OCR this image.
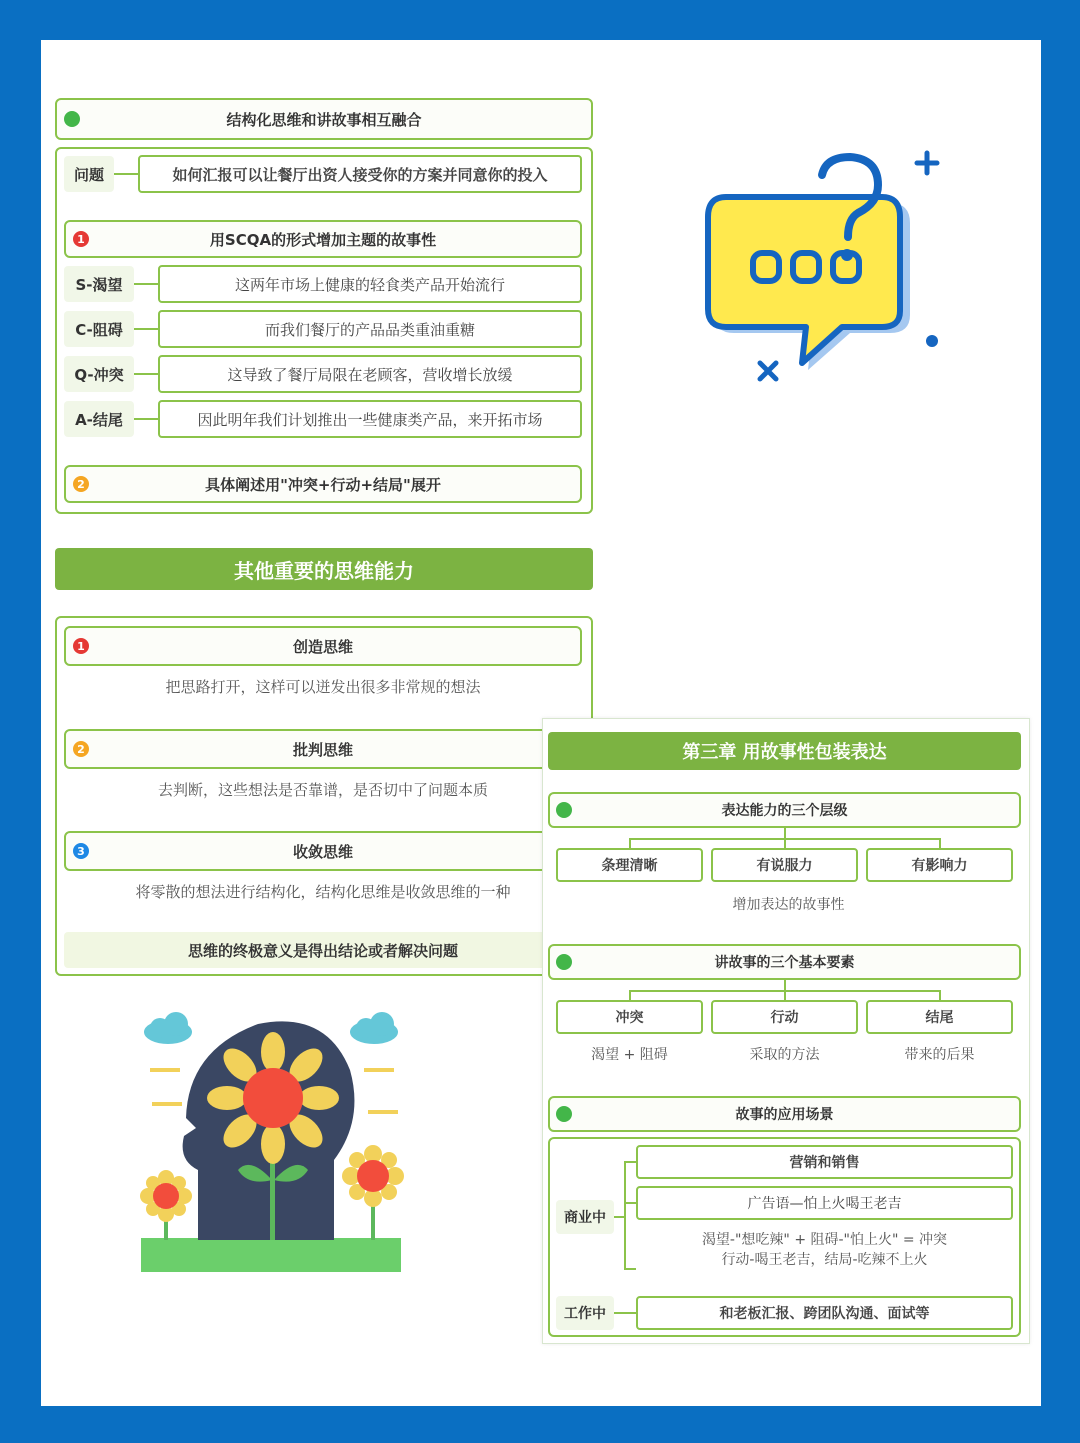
结构化思维和讲故事相互融合
问题	如何汇报可以让餐厅出资人接受你的方案并同意你的投入
用SCQA的形式增加主题的故事性
1
S-渴望	这两年市场上健康的轻食类产品开始流行
C-阻碍	而我们餐厅的产品品类重油重糖
Q-冲突	这导致了餐厅局限在老顾客，营收增长放缓
A-结尾	因此明年我们计划推出一些健康类产品，来开拓市场
具体阐述用"冲突+行动+结局"展开
2
其他重要的思维能力
创造思维
1
把思路打开，这样可以迸发出很多非常规的想法
批判思维
2
去判断，这些想法是否靠谱，是否切中了问题本质
收敛思维
3
将零散的想法进行结构化，结构化思维是收敛思维的一种
思维的终极意义是得出结论或者解决问题
第三章 用故事性包装表达
表达能力的三个层级
条理清晰	有说服力	有影响力
增加表达的故事性
讲故事的三个基本要素
冲突	行动	结尾
渴望 + 阻碍	采取的方法	带来的后果
故事的应用场景
商业中
营销和销售
广告语—怕上火喝王老吉
渴望-"想吃辣" + 阻碍-"怕上火" = 冲突
行动-喝王老吉，结局-吃辣不上火
工作中	和老板汇报、跨团队沟通、面试等
